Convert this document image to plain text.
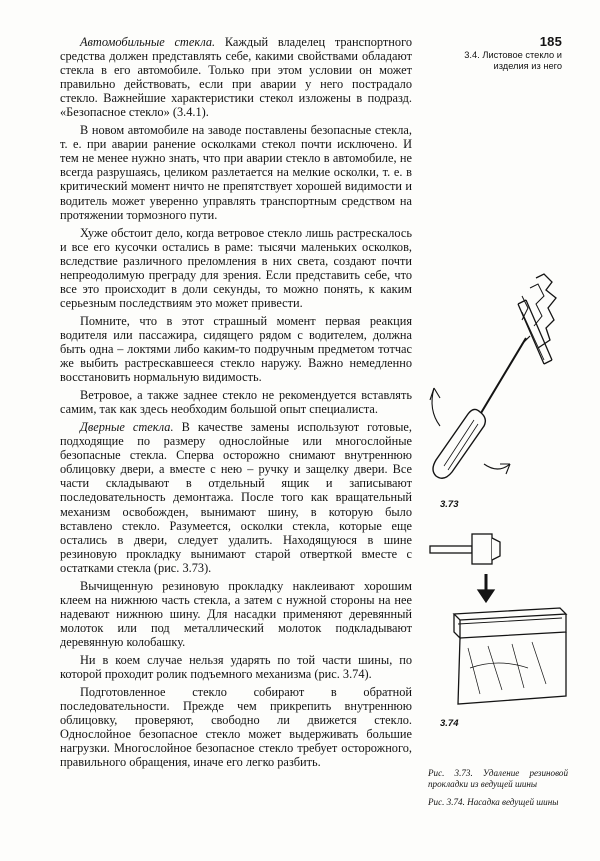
185
3.4. Листовое стекло и изделия из него

Автомобильные стекла. Каждый владелец транспортного средства должен представлять себе, какими свойствами обладают стекла в его автомобиле. Только при этом условии он может правильно действовать, если при аварии у него пострадало стекло. Важнейшие характеристики стекол изложены в подразд. «Безопасное стекло» (3.4.1).

В новом автомобиле на заводе поставлены безопасные стекла, т. е. при аварии ранение осколками стекол почти исключено. И тем не менее нужно знать, что при аварии стекло в автомобиле, не всегда разрушаясь, целиком разлетается на мелкие осколки, т. е. в критический момент ничто не препятствует хорошей видимости и водитель может уверенно управлять транспортным средством на протяжении тормозного пути.

Хуже обстоит дело, когда ветровое стекло лишь растрескалось и все его кусочки остались в раме: тысячи маленьких осколков, вследствие различного преломления в них света, создают почти непреодолимую преграду для зрения. Если представить себе, что все это происходит в доли секунды, то можно понять, к каким серьезным последствиям это может привести.

Помните, что в этот страшный момент первая реакция водителя или пассажира, сидящего рядом с водителем, должна быть одна – локтями либо каким-то подручным предметом тотчас же выбить растрескавшееся стекло наружу. Важно немедленно восстановить нормальную видимость.

Ветровое, а также заднее стекло не рекомендуется вставлять самим, так как здесь необходим большой опыт специалиста.

Дверные стекла. В качестве замены используют готовые, подходящие по размеру однослойные или многослойные безопасные стекла. Сперва осторожно снимают внутреннюю облицовку двери, а вместе с нею – ручку и защелку двери. Все части складывают в отдельный ящик и записывают последовательность демонтажа. После того как вращательный механизм освобожден, вынимают шину, в которую было вставлено стекло. Разумеется, осколки стекла, которые еще остались в двери, следует удалить. Находящуюся в шине резиновую прокладку вынимают старой отверткой вместе с остатками стекла (рис. 3.73).

Вычищенную резиновую прокладку наклеивают хорошим клеем на нижнюю часть стекла, а затем с нужной стороны на нее надевают нижнюю шину. Для насадки применяют деревянный молоток или под металлический молоток подкладывают деревянную колобашку.

Ни в коем случае нельзя ударять по той части шины, по которой проходит ролик подъемного механизма (рис. 3.74).

Подготовленное стекло собирают в обратной последовательности. Прежде чем прикрепить внутреннюю облицовку, проверяют, свободно ли движется стекло. Однослойное безопасное стекло может выдерживать большие нагрузки. Многослойное безопасное стекло требует осторожного, правильного обращения, иначе его легко разбить.

3.73
3.74
Рис. 3.73. Удаление резиновой прокладки из ведущей шины
Рис. 3.74. Насадка ведущей шины
